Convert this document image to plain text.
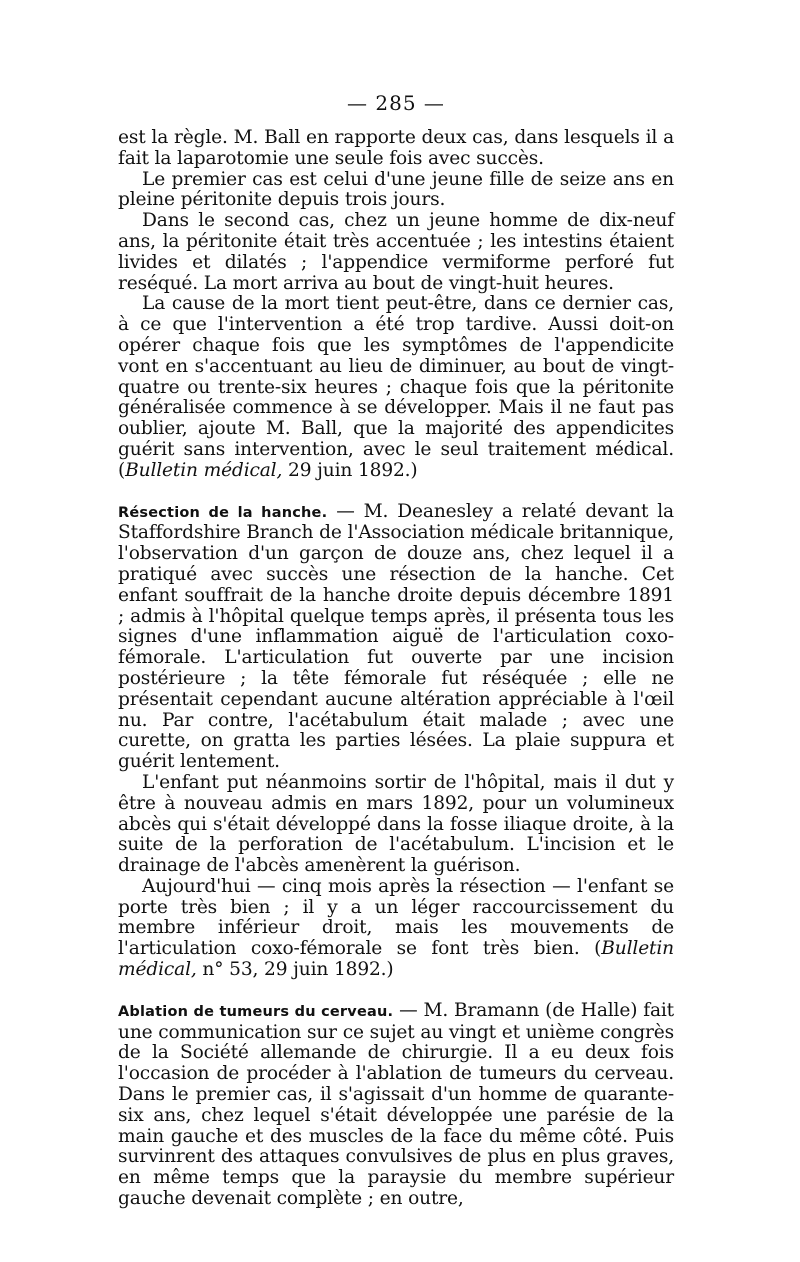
— 285 —

est la règle. M. Ball en rapporte deux cas, dans lesquels il a fait la laparotomie une seule fois avec succès.

Le premier cas est celui d'une jeune fille de seize ans en pleine péritonite depuis trois jours.

Dans le second cas, chez un jeune homme de dix-neuf ans, la péritonite était très accentuée ; les intestins étaient livides et dilatés ; l'appendice vermiforme perforé fut reséqué. La mort arriva au bout de vingt-huit heures.

La cause de la mort tient peut-être, dans ce dernier cas, à ce que l'intervention a été trop tardive. Aussi doit-on opérer chaque fois que les symptômes de l'appendicite vont en s'accentuant au lieu de diminuer, au bout de vingt-quatre ou trente-six heures ; chaque fois que la péritonite généralisée commence à se développer. Mais il ne faut pas oublier, ajoute M. Ball, que la majorité des appendicites guérit sans intervention, avec le seul traitement médical. (Bulletin médical, 29 juin 1892.)

Résection de la hanche. — M. Deanesley a relaté devant la Staffordshire Branch de l'Association médicale britannique, l'observation d'un garçon de douze ans, chez lequel il a pratiqué avec succès une résection de la hanche. Cet enfant souffrait de la hanche droite depuis décembre 1891 ; admis à l'hôpital quelque temps après, il présenta tous les signes d'une inflammation aiguë de l'articulation coxo-fémorale. L'articulation fut ouverte par une incision postérieure ; la tête fémorale fut réséquée ; elle ne présentait cependant aucune altération appréciable à l'œil nu. Par contre, l'acétabulum était malade ; avec une curette, on gratta les parties lésées. La plaie suppura et guérit lentement.

L'enfant put néanmoins sortir de l'hôpital, mais il dut y être à nouveau admis en mars 1892, pour un volumineux abcès qui s'était développé dans la fosse iliaque droite, à la suite de la perforation de l'acétabulum. L'incision et le drainage de l'abcès amenèrent la guérison.

Aujourd'hui — cinq mois après la résection — l'enfant se porte très bien ; il y a un léger raccourcissement du membre inférieur droit, mais les mouvements de l'articulation coxo-fémorale se font très bien. (Bulletin médical, n° 53, 29 juin 1892.)

Ablation de tumeurs du cerveau. — M. Bramann (de Halle) fait une communication sur ce sujet au vingt et unième congrès de la Société allemande de chirurgie. Il a eu deux fois l'occasion de procéder à l'ablation de tumeurs du cerveau. Dans le premier cas, il s'agissait d'un homme de quarante-six ans, chez lequel s'était développée une parésie de la main gauche et des muscles de la face du même côté. Puis survinrent des attaques convulsives de plus en plus graves, en même temps que la paraysie du membre supérieur gauche devenait complète ; en outre,
